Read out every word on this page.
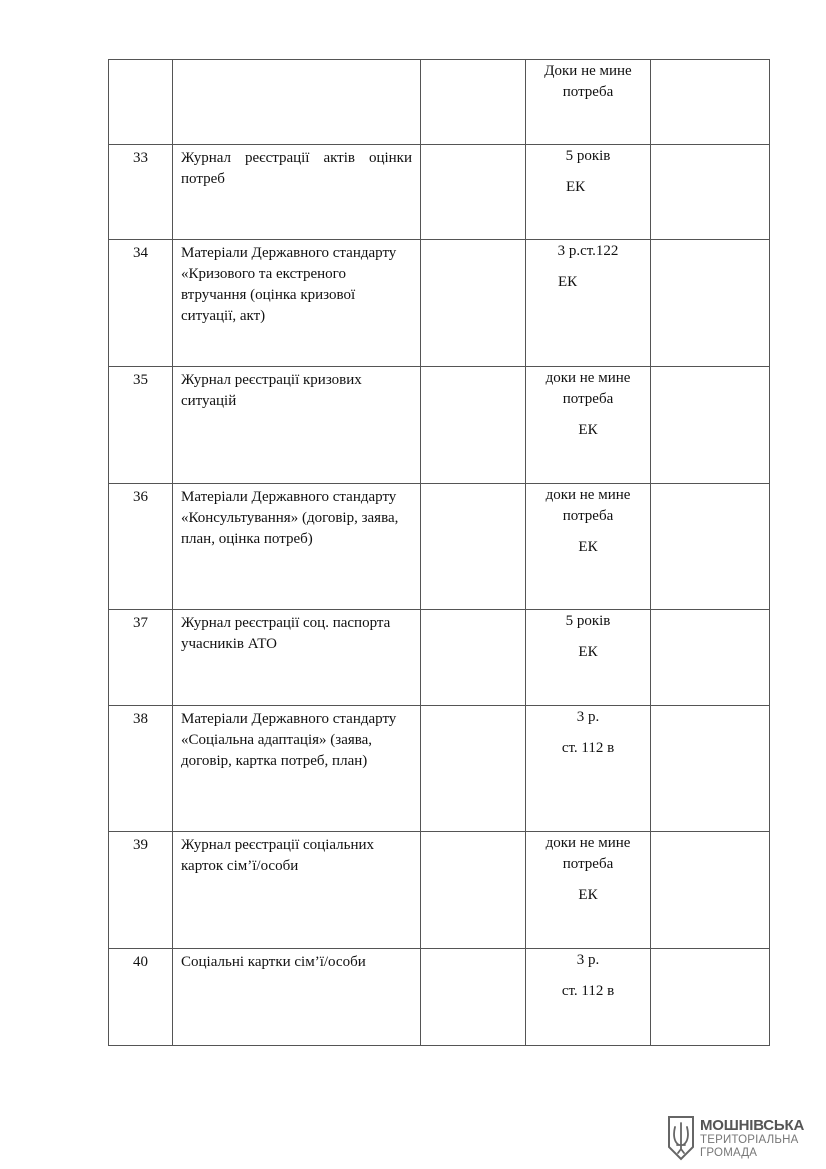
			Доки не мине
потреба	

33	Журнал реєстрації актів оцінки потреб		5 років
ЕК	

34	Матеріали Державного стандарту «Кризового та екстреного втручання (оцінка кризової ситуації, акт)		3 р.ст.122
ЕК	

35	Журнал реєстрації кризових ситуацій		доки не мине
потреба
ЕК	

36	Матеріали Державного стандарту «Консультування» (договір, заява, план, оцінка потреб)		доки не мине
потреба
ЕК	

37	Журнал реєстрації соц. паспорта учасників АТО		5 років
ЕК	

38	Матеріали Державного стандарту «Соціальна адаптація» (заява, договір, картка потреб, план)		3 р.
ст. 112 в	

39	Журнал реєстрації соціальних карток сім’ї/особи		доки не мине
потреба
ЕК	

40	Соціальні картки сім’ї/особи		3 р.
ст. 112 в	

МОШНІВСЬКА
ТЕРИТОРІАЛЬНА
ГРОМАДА
